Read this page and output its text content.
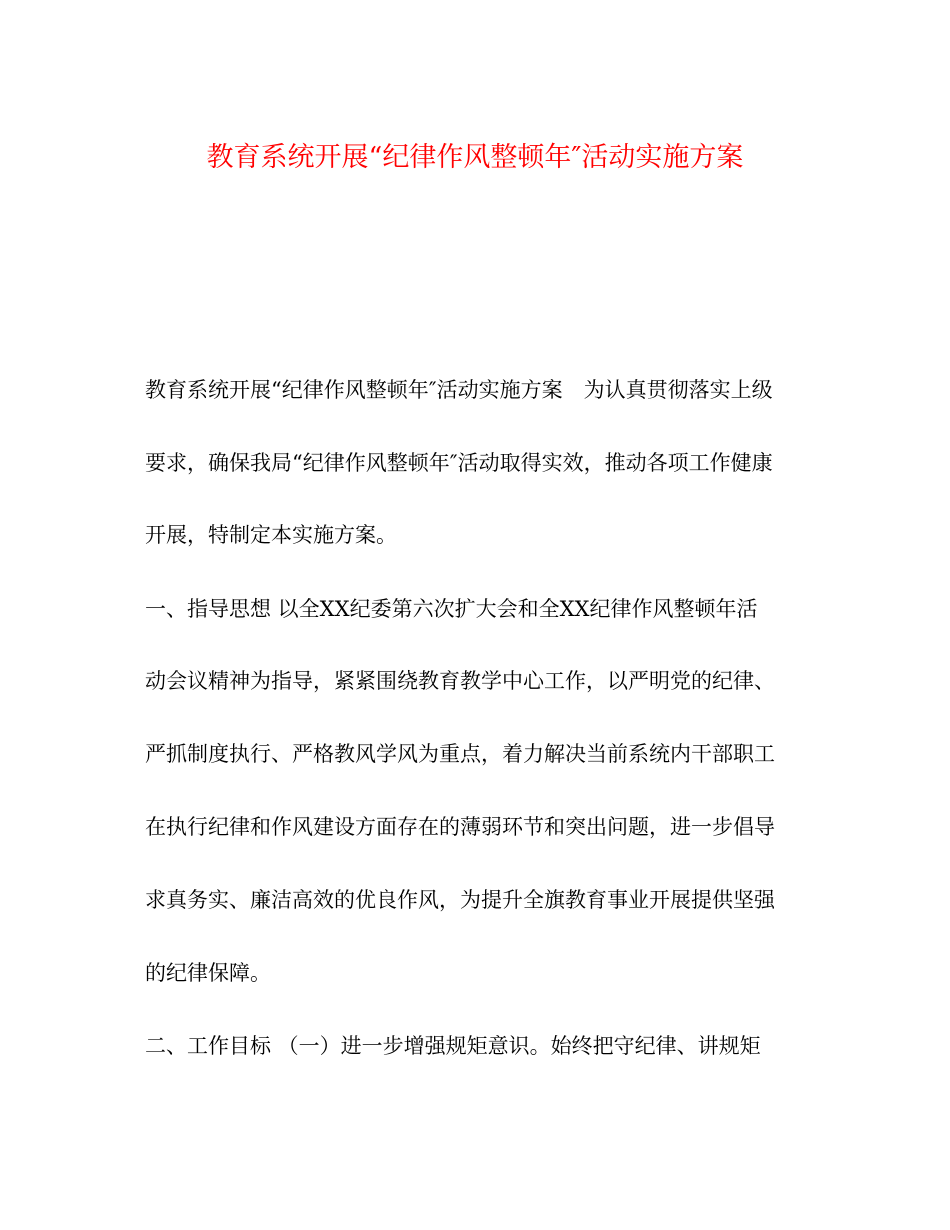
教育系统开展“纪律作风整顿年″活动实施方案

教育系统开展“纪律作风整顿年″活动实施方案　为认真贯彻落实上级

要求，确保我局“纪律作风整顿年″活动取得实效，推动各项工作健康

开展，特制定本实施方案。

一、指导思想 以全XX纪委第六次扩大会和全XX纪律作风整顿年活

动会议精神为指导，紧紧围绕教育教学中心工作，以严明党的纪律、

严抓制度执行、严格教风学风为重点，着力解决当前系统内干部职工

在执行纪律和作风建设方面存在的薄弱环节和突出问题，进一步倡导

求真务实、廉洁高效的优良作风，为提升全旗教育事业开展提供坚强

的纪律保障。

二、工作目标 （一）进一步增强规矩意识。始终把守纪律、讲规矩
